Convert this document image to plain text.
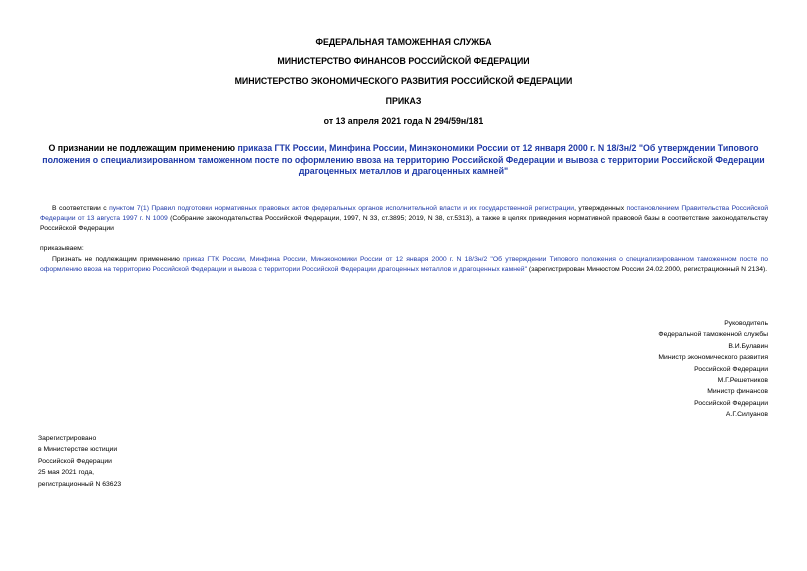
ФЕДЕРАЛЬНАЯ ТАМОЖЕННАЯ СЛУЖБА
МИНИСТЕРСТВО ФИНАНСОВ РОССИЙСКОЙ ФЕДЕРАЦИИ
МИНИСТЕРСТВО ЭКОНОМИЧЕСКОГО РАЗВИТИЯ РОССИЙСКОЙ ФЕДЕРАЦИИ
ПРИКАЗ
от 13 апреля 2021 года N 294/59н/181
О признании не подлежащим применению приказа ГТК России, Минфина России, Минэкономики России от 12 января 2000 г. N 18/3н/2 "Об утверждении Типового положения о специализированном таможенном посте по оформлению ввоза на территорию Российской Федерации и вывоза с территории Российской Федерации драгоценных металлов и драгоценных камней"
В соответствии с пунктом 7(1) Правил подготовки нормативных правовых актов федеральных органов исполнительной власти и их государственной регистрации, утвержденных постановлением Правительства Российской Федерации от 13 августа 1997 г. N 1009 (Собрание законодательства Российской Федерации, 1997, N 33, ст.3895; 2019, N 38, ст.5313), а также в целях приведения нормативной правовой базы в соответствие законодательству Российской Федерации
приказываем:
Признать не подлежащим применению приказ ГТК России, Минфина России, Минэкономики России от 12 января 2000 г. N 18/3н/2 "Об утверждении Типового положения о специализированном таможенном посте по оформлению ввоза на территорию Российской Федерации и вывоза с территории Российской Федерации драгоценных металлов и драгоценных камней" (зарегистрирован Минюстом России 24.02.2000, регистрационный N 2134).
Руководитель
Федеральной таможенной службы
В.И.Булавин
Министр экономического развития
Российской Федерации
М.Г.Решетников
Министр финансов
Российской Федерации
А.Г.Силуанов
Зарегистрировано
в Министерстве юстиции
Российской Федерации
25 мая 2021 года,
регистрационный N 63623
